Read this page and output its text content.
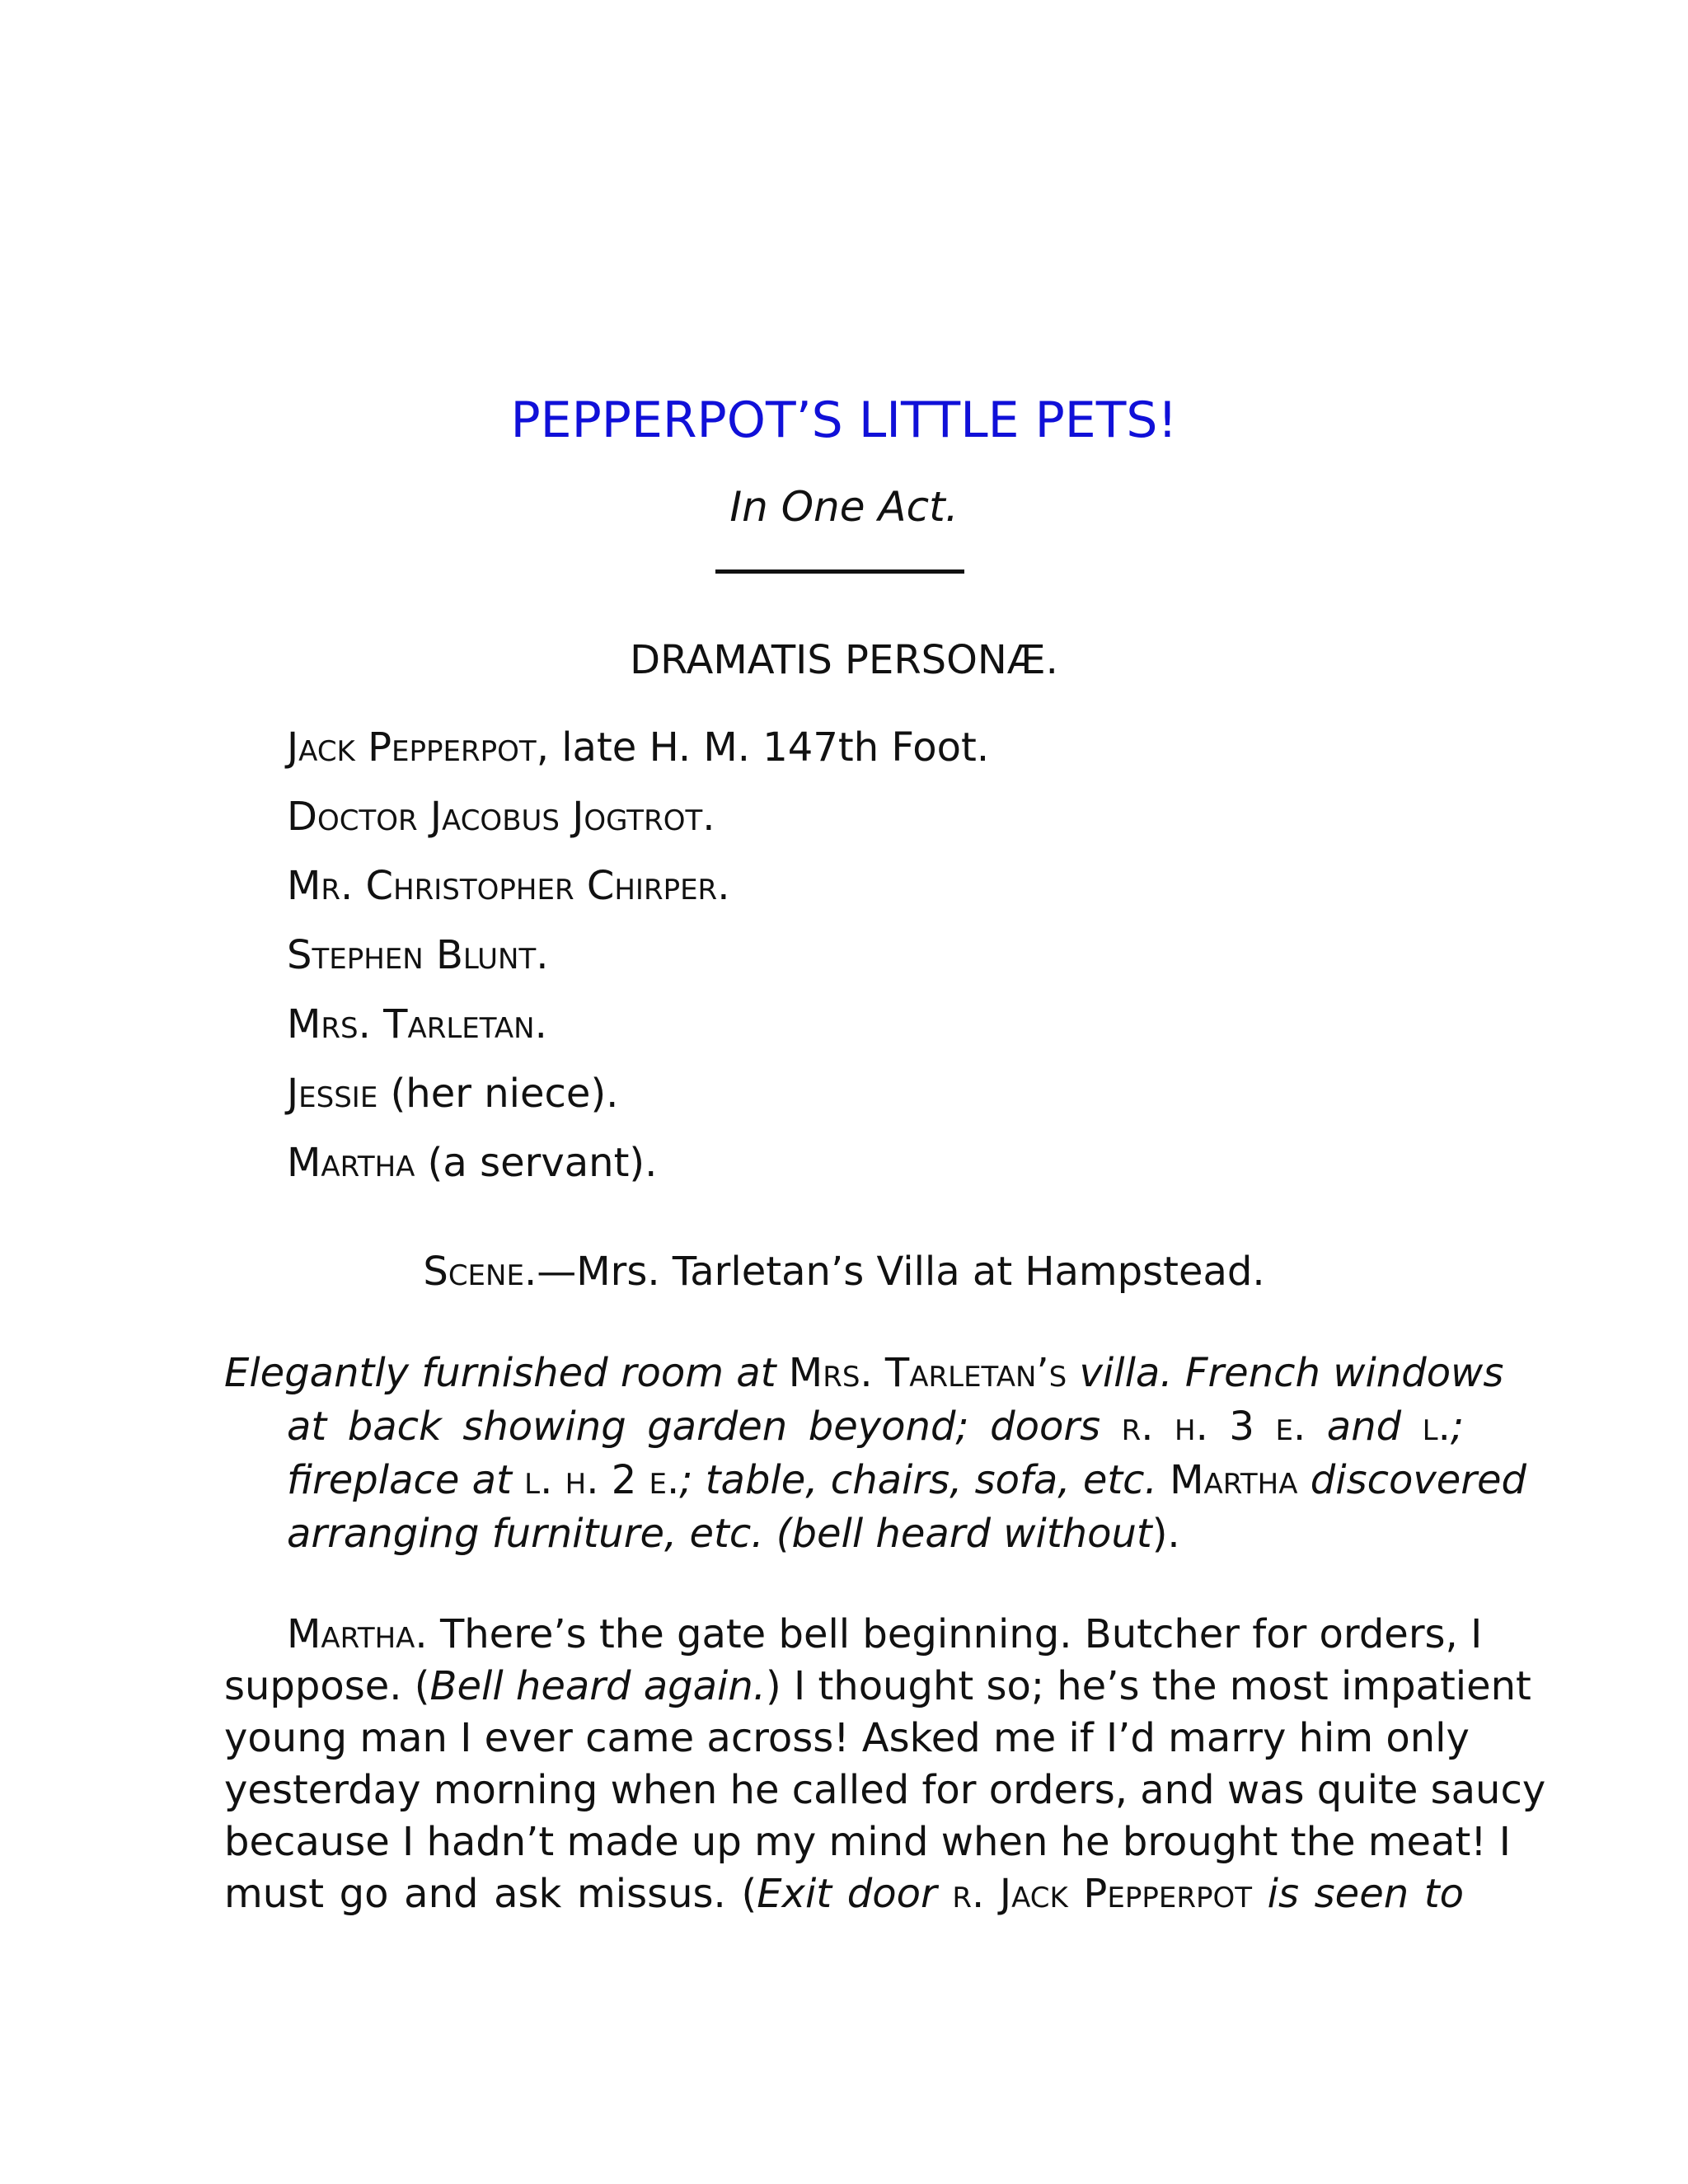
PEPPERPOT’S LITTLE PETS!
In One Act.
DRAMATIS PERSONÆ.
Jack Pepperpot, late H. M. 147th Foot.
Doctor Jacobus Jogtrot.
Mr. Christopher Chirper.
Stephen Blunt.
Mrs. Tarletan.
Jessie (her niece).
Martha (a servant).
Scene.—Mrs. Tarletan’s Villa at Hampstead.
Elegantly furnished room at Mrs. Tarletan’s villa. French windows
at back showing garden beyond; doors r. h. 3 e. and l.;
fireplace at l. h. 2 e.; table, chairs, sofa, etc. Martha discovered
arranging furniture, etc. (bell heard without).
Martha. There’s the gate bell beginning. Butcher for orders, I
suppose. (Bell heard again.) I thought so; he’s the most impatient
young man I ever came across! Asked me if I’d marry him only
yesterday morning when he called for orders, and was quite saucy
because I hadn’t made up my mind when he brought the meat! I
must go and ask missus. (Exit door r. Jack Pepperpot is seen to
